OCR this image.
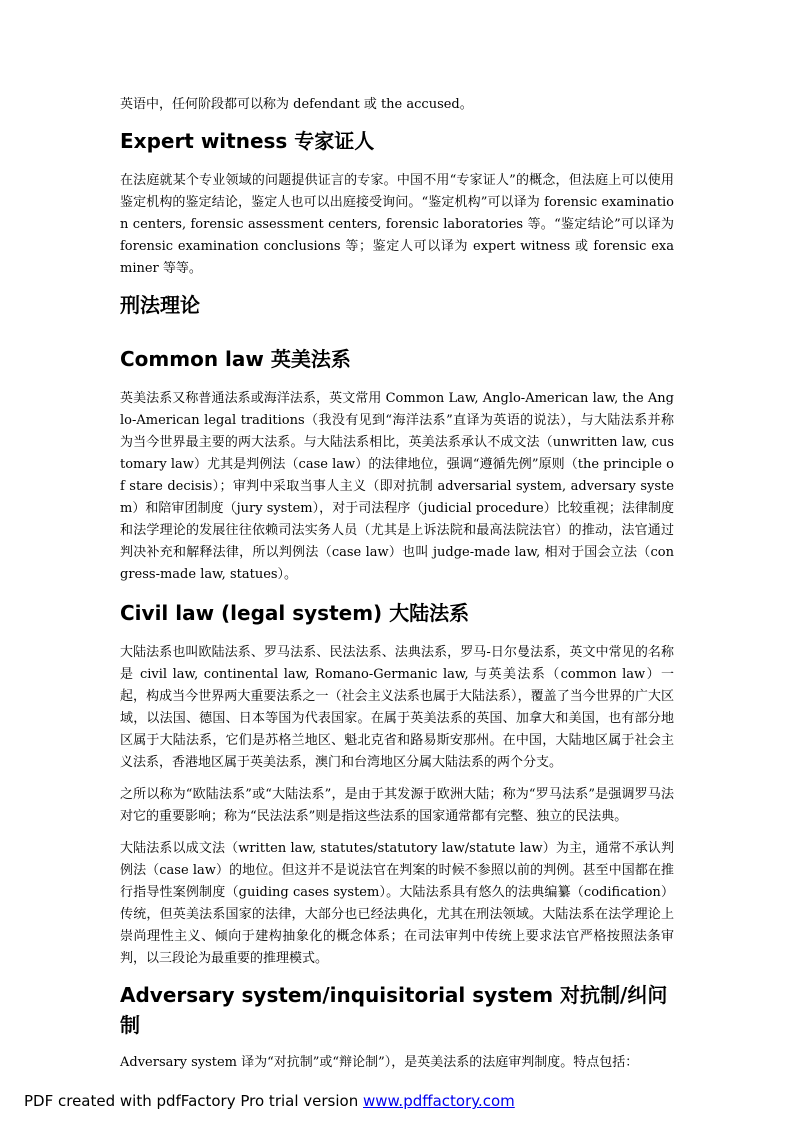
英语中，任何阶段都可以称为 defendant 或 the accused。

Expert witness 专家证人

在法庭就某个专业领域的问题提供证言的专家。中国不用“专家证人”的概念，但法庭上可以使用鉴定机构的鉴定结论，鉴定人也可以出庭接受询问。“鉴定机构”可以译为 forensic examination centers, forensic assessment centers, forensic laboratories 等。“鉴定结论”可以译为 forensic examination conclusions 等；鉴定人可以译为 expert witness 或 forensic examiner 等等。

刑法理论
Common law 英美法系

英美法系又称普通法系或海洋法系，英文常用 Common Law, Anglo-American law, the Anglo-American legal traditions（我没有见到“海洋法系”直译为英语的说法），与大陆法系并称为当今世界最主要的两大法系。与大陆法系相比，英美法系承认不成文法（unwritten law, customary law）尤其是判例法（case law）的法律地位，强调“遵循先例”原则（the principle of stare decisis）；审判中采取当事人主义（即对抗制 adversarial system, adversary system）和陪审团制度（jury system），对于司法程序（judicial procedure）比较重视；法律制度和法学理论的发展往往依赖司法实务人员（尤其是上诉法院和最高法院法官）的推动，法官通过判决补充和解释法律，所以判例法（case law）也叫 judge-made law, 相对于国会立法（congress-made law, statues）。

Civil law (legal system) 大陆法系

大陆法系也叫欧陆法系、罗马法系、民法法系、法典法系，罗马-日尔曼法系，英文中常见的名称是 civil law, continental law, Romano-Germanic law, 与英美法系（common law）一起，构成当今世界两大重要法系之一（社会主义法系也属于大陆法系），覆盖了当今世界的广大区域，以法国、德国、日本等国为代表国家。在属于英美法系的英国、加拿大和美国，也有部分地区属于大陆法系，它们是苏格兰地区、魁北克省和路易斯安那州。在中国，大陆地区属于社会主义法系，香港地区属于英美法系，澳门和台湾地区分属大陆法系的两个分支。

之所以称为“欧陆法系”或“大陆法系”，是由于其发源于欧洲大陆；称为“罗马法系”是强调罗马法对它的重要影响；称为“民法法系”则是指这些法系的国家通常都有完整、独立的民法典。

大陆法系以成文法（written law, statutes/statutory law/statute law）为主，通常不承认判例法（case law）的地位。但这并不是说法官在判案的时候不参照以前的判例。甚至中国都在推行指导性案例制度（guiding cases system）。大陆法系具有悠久的法典编纂（codification）传统，但英美法系国家的法律，大部分也已经法典化，尤其在刑法领域。大陆法系在法学理论上崇尚理性主义、倾向于建构抽象化的概念体系；在司法审判中传统上要求法官严格按照法条审判，以三段论为最重要的推理模式。

Adversary system/inquisitorial system 对抗制/纠问制

Adversary system 译为“对抗制”或“辩论制”），是英美法系的法庭审判制度。特点包括：

PDF created with pdfFactory Pro trial version www.pdffactory.com
